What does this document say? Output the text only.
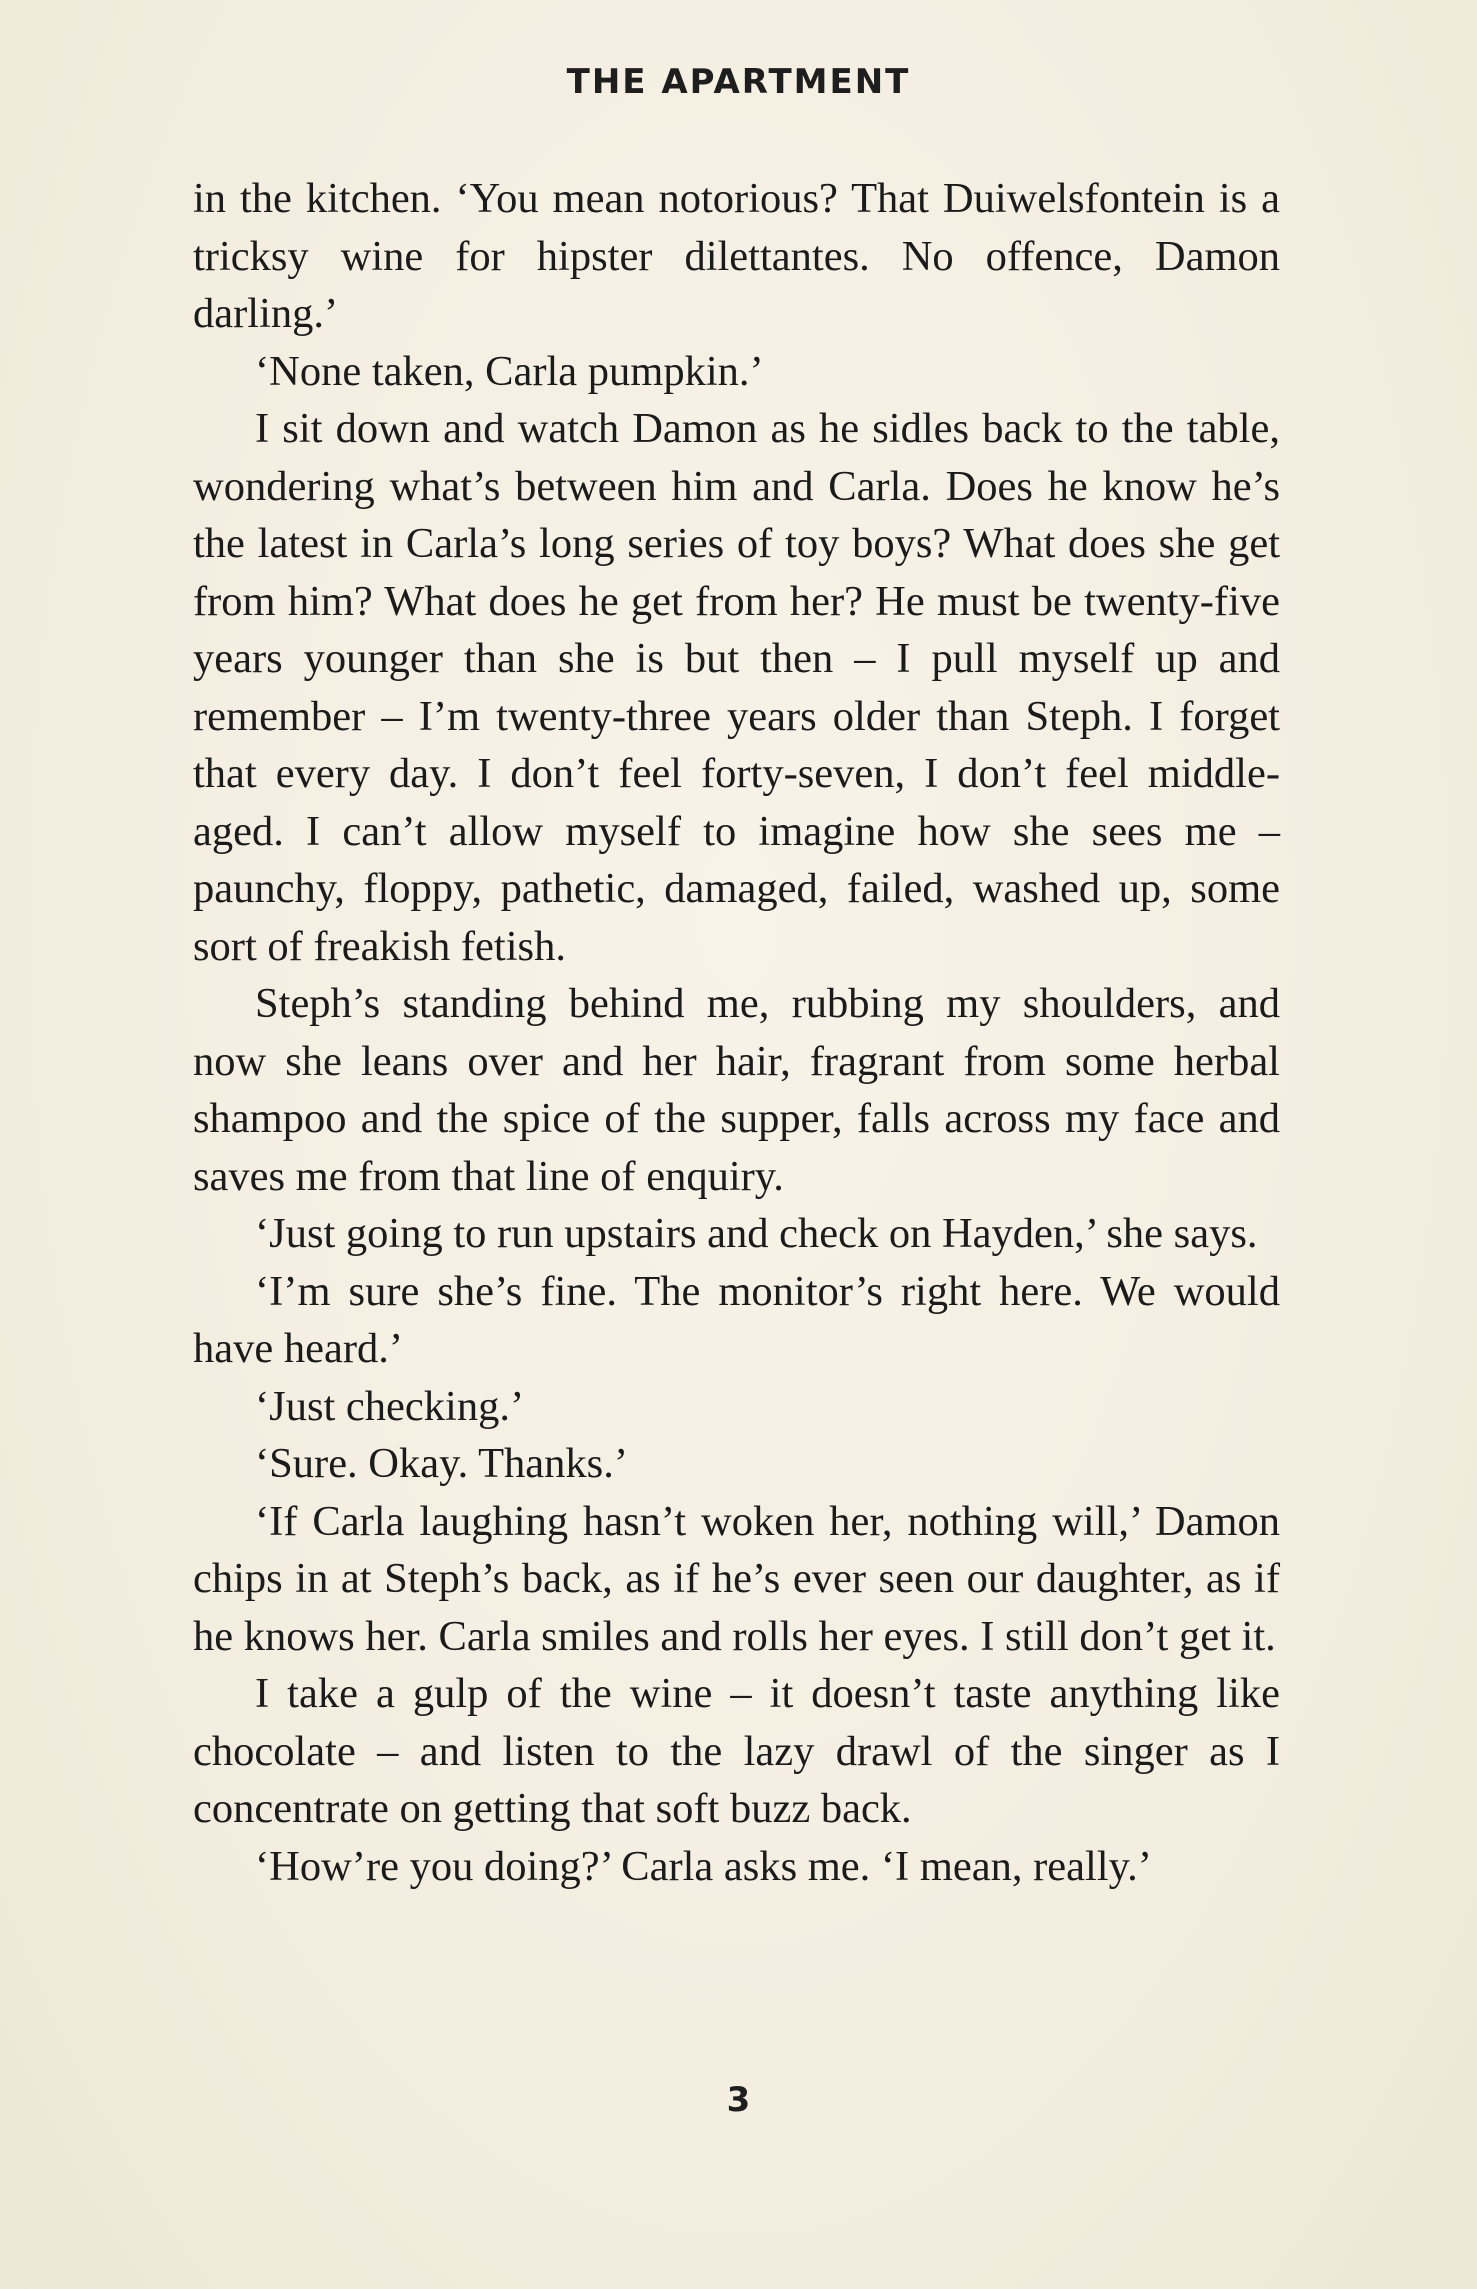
THE APARTMENT

in the kitchen. ‘You mean notorious? That Duiwelsfontein is a tricksy wine for hipster dilettantes. No offence, Damon darling.’

‘None taken, Carla pumpkin.’

I sit down and watch Damon as he sidles back to the table, wondering what’s between him and Carla. Does he know he’s the latest in Carla’s long series of toy boys? What does she get from him? What does he get from her? He must be twenty-five years younger than she is but then – I pull myself up and remember – I’m twenty-three years older than Steph. I forget that every day. I don’t feel forty-seven, I don’t feel middle-aged. I can’t allow myself to imagine how she sees me – paunchy, floppy, pathetic, damaged, failed, washed up, some sort of freakish fetish.

Steph’s standing behind me, rubbing my shoulders, and now she leans over and her hair, fragrant from some herbal shampoo and the spice of the supper, falls across my face and saves me from that line of enquiry.

‘Just going to run upstairs and check on Hayden,’ she says.

‘I’m sure she’s fine. The monitor’s right here. We would have heard.’

‘Just checking.’

‘Sure. Okay. Thanks.’

‘If Carla laughing hasn’t woken her, nothing will,’ Damon chips in at Steph’s back, as if he’s ever seen our daughter, as if he knows her. Carla smiles and rolls her eyes. I still don’t get it.

I take a gulp of the wine – it doesn’t taste anything like chocolate – and listen to the lazy drawl of the singer as I concentrate on getting that soft buzz back.

‘How’re you doing?’ Carla asks me. ‘I mean, really.’

3
